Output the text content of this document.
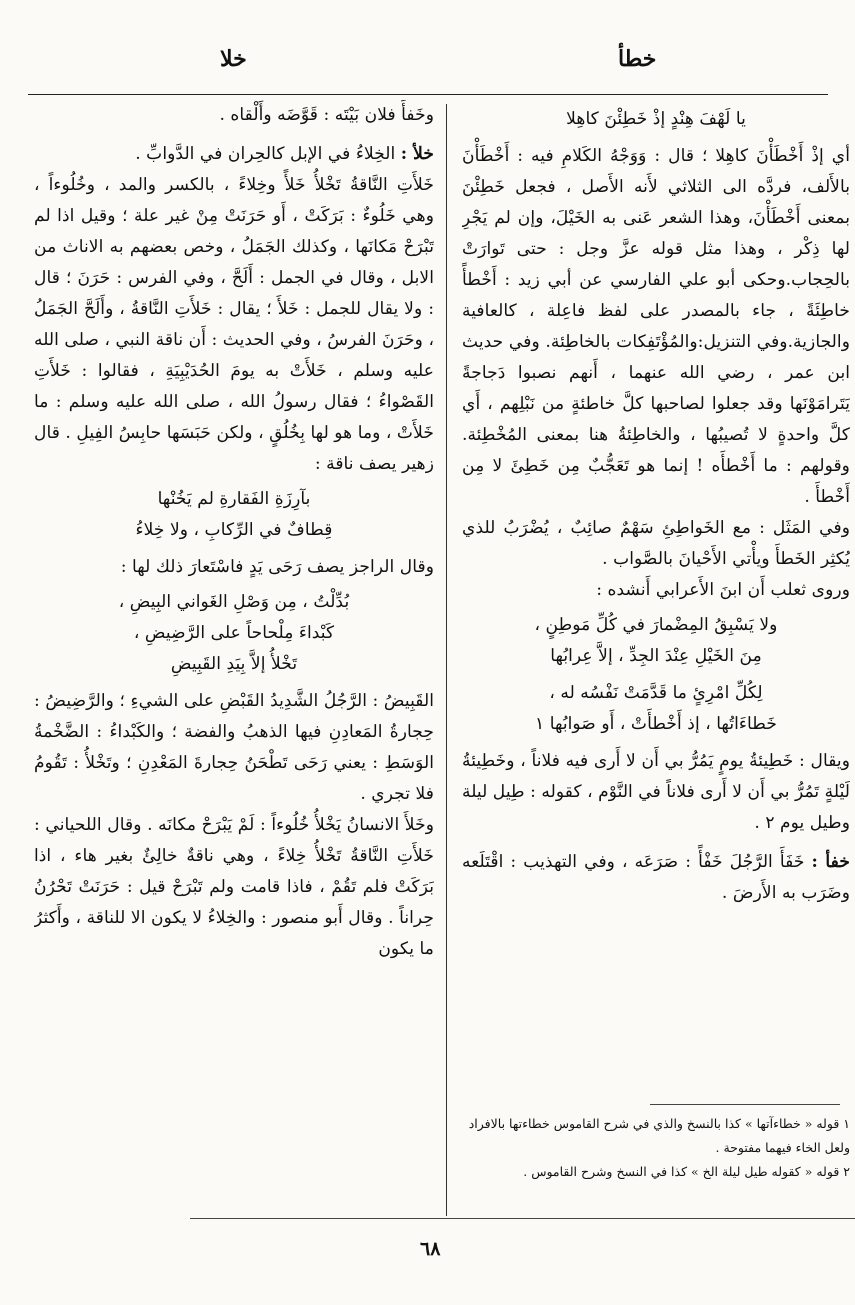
خطأ
خلا
يا لَهْفَ هِنْدٍ إذْ خَطِئْنَ كاهِلا

أي إذْ أَخْطَأْنَ كاهِلا ؛ قال : وَوَجْهُ الكَلامِ فيه : أَخْطَأْنَ بالأَلف، فردَّه الى الثلاثي لأَنه الأَصل ، فجعل خَطِئْنَ بمعنى أَخْطَأْنَ، وهذا الشعر عَنى به الخَيْلَ، وإن لم يَجْرِ لها ذِكْر ، وهذا مثل قوله عزَّ وجل : حتى تَوارَتْ بالحِجاب.وحكى أبو علي الفارسي عن أبي زيد : أَخْطأً خاطِئَةً ، جاء بالمصدر على لفظ فاعِلة ، كالعافية والجازية.وفي التنزيل:والمُؤْتَفِكات بالخاطِئة. وفي حديث ابن عمر ، رضي الله عنهما ، أَنهم نصبوا دَجاجةً يَتَرامَوْنَها وقد جعلوا لصاحبها كلَّ خاطئةٍ من نَبْلِهم ، أَي كلَّ واحدةٍ لا تُصيبُها ، والخاطِئةُ هنا بمعنى المُخْطِئة. وقولهم : ما أَخْطأَه ! إنما هو تَعَجُّبٌ مِن خَطِئَ لا مِن أَخْطأَ .

وفي المَثَل : مع الخَواطِئِ سَهْمٌ صائِبٌ ، يُضْرَبُ للذي يُكثِر الخَطأَ ويأْتي الأَحْيانَ بالصَّواب .

وروى ثعلب أَن ابنَ الأَعرابي أَنشده :

ولا يَسْبِقُ المِضْمارَ في كُلِّ مَوطِنٍ ،
مِنَ الخَيْلِ عِنْدَ الجِدِّ ، إلاَّ عِرابُها
لِكُلِّ امْرِئٍ ما قَدَّمَتْ نَفْسُه له ،
خَطاءَاتُها ، إذ أَخْطأَتْ ، أَو صَوابُها ١

ويقال : خَطِيئةُ يومٍ يَمُرُّ بي أَن لا أَرى فيه فلاناً ، وخَطِيئةُ لَيْلةٍ تَمُرُّ بي أَن لا أَرى فلاناً في النَّوْم ، كقوله : طِيل ليلة وطيل يوم ٢ .

خفأ : خَفَأَ الرَّجُلَ خَفْأً : صَرَعَه ، وفي التهذيب : اقْتَلَعه وضَرَب به الأَرضَ .

١ قوله « خطاءآتها » كذا بالنسخ والذي في شرح القاموس خطاءتها بالافراد ولعل الخاء فيهما مفتوحة .
٢ قوله « كقوله طيل ليلة الخ » كذا في النسخ وشرح القاموس .

وخَفأَ فلان بَيْتَه : قَوَّضَه وأَلْقاه .

خلأ : الخِلاءُ في الإبل كالحِران في الدَّوابِّ .

خَلأَتِ النَّاقةُ تَخْلأُ خَلأً وخِلاءً ، بالكسر والمد ، وخُلُوءاً ، وهي خَلُوءٌ : بَرَكَتْ ، أَو حَرَنَتْ مِنْ غير علة ؛ وقيل اذا لم تَبْرَحْ مَكانَها ، وكذلك الجَمَلُ ، وخص بعضهم به الاناث من الابل ، وقال في الجمل : أَلَحَّ ، وفي الفرس : حَرَنَ ؛ قال : ولا يقال للجمل : خَلأَ ؛ يقال : خَلأَتِ النَّاقةُ ، وأَلَحَّ الجَمَلُ ، وحَرَنَ الفرسُ ، وفي الحديث : أَن ناقة النبي ، صلى الله عليه وسلم ، خَلأَتْ به يومَ الحُدَيْبِيَةِ ، فقالوا : خَلأَتِ القَصْواءُ ؛ فقال رسولُ الله ، صلى الله عليه وسلم : ما خَلأَتْ ، وما هو لها بِخُلُقٍ ، ولكن حَبَسَها حابِسُ الفِيلِ . قال زهير يصف ناقة :

بآرِزَةِ الفَقارةِ لم يَخُنْها
قِطافٌ في الرِّكابِ ، ولا خِلاءُ

وقال الراجز يصف رَحَى يَدٍ فاسْتَعارَ ذلك لها :

بُدِّلْتُ ، مِن وَصْلِ الغَواني البِيضِ ،
كَبْداءَ مِلْحاحاً على الرَّضِيضِ ،
تَخْلأُ إلاَّ بِيَدِ القَبِيضِ

القَبِيضُ : الرَّجُلُ الشَّدِيدُ القَبْضِ على الشيءِ ؛ والرَّضِيضُ : حِجارةُ المَعادِنِ فيها الذهبُ والفضة ؛ والكَبْداءُ : الضَّخْمةُ الوَسَطِ : يعني رَحَى تَطْحَنُ حِجارةَ المَعْدِنِ ؛ وتَخْلأُ : تَقُومُ فلا تجري .

وخَلأَ الانسانُ يَخْلأُ خُلُوءاً : لَمْ يَبْرَحْ مكانَه . وقال اللحياني : خَلأَتِ النَّاقةُ تَخْلأُ خِلاءً ، وهي ناقةٌ خالِئٌ بغير هاء ، اذا بَرَكَتْ فلم تَقُمْ ، فاذا قامت ولم تَبْرَحْ قيل : حَرَنَتْ تَحْرُنُ حِراناً . وقال أَبو منصور : والخِلاءُ لا يكون الا للناقة ، وأَكثرُ ما يكون

٦٨
